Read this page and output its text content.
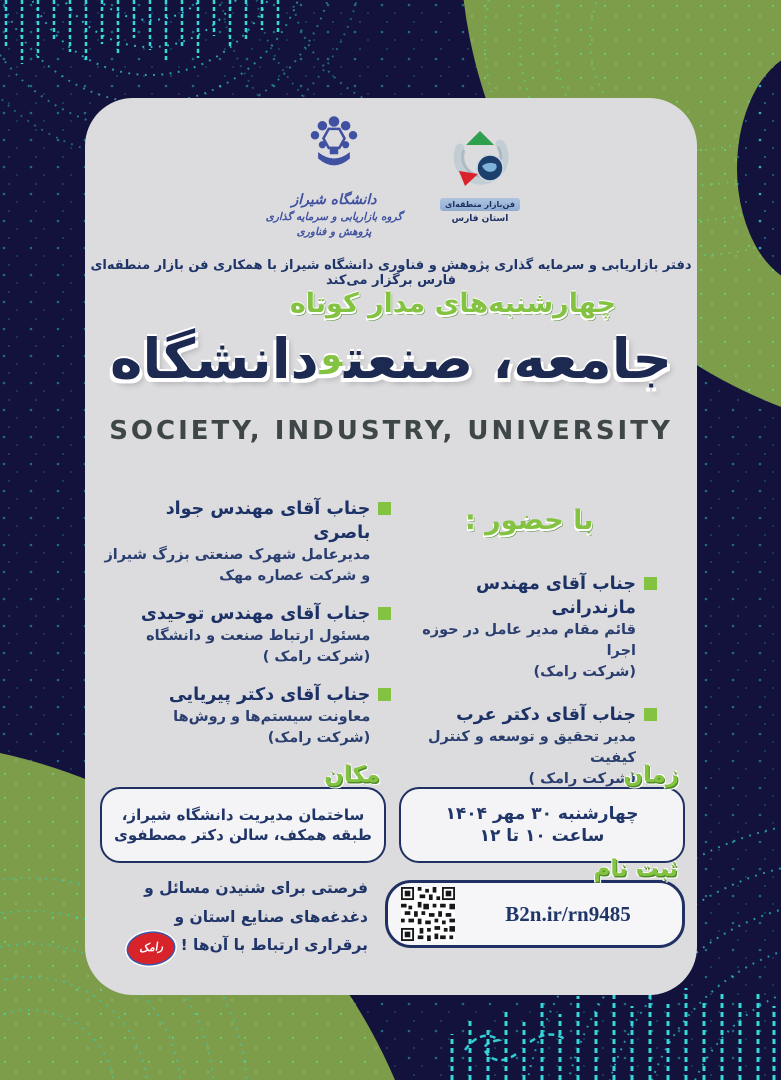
دانشگاه شیراز
گروه بازاریابی و سرمایه گذاری
پژوهش و فناوری
فن‌بازار منطقه‌ای
استان فارس
دفتر بازاریابی و سرمایه گذاری پژوهش و فناوری دانشگاه شیراز با همکاری فن بازار منطقه‌ای فارس برگزار می‌کند
چهارشنبه‌های مدار کوتاه
جامعه، صنعت$^و$دانشگاه
SOCIETY, INDUSTRY, UNIVERSITY
با حضور :
جناب آقای مهندس مازندرانی
قائم مقام مدیر عامل در حوزه اجرا
(شرکت رامک)
جناب آقای دکتر عرب
مدیر تحقیق و توسعه و کنترل کیفیت
(شرکت رامک )
جناب آقای مهندس جواد باصری
مدیرعامل شهرک صنعتی بزرگ شیراز
و شرکت عصاره مهک
جناب آقای مهندس توحیدی
مسئول ارتباط صنعت و دانشگاه
(شرکت رامک )
جناب آقای دکتر پیریایی
معاونت سیستم‌ها و روش‌ها
(شرکت رامک)
زمان
چهارشنبه ۳۰ مهر ۱۴۰۴
ساعت ۱۰ تا ۱۲
مکان
ساختمان مدیریت دانشگاه شیراز،
طبقه همکف، سالن دکتر مصطفوی
ثبت نام
B2n.ir/rn9485
فرصتی برای شنیدن مسائل و
دغدغه‌های صنایع استان و
برقراری ارتباط با آن‌ها !
رامک
